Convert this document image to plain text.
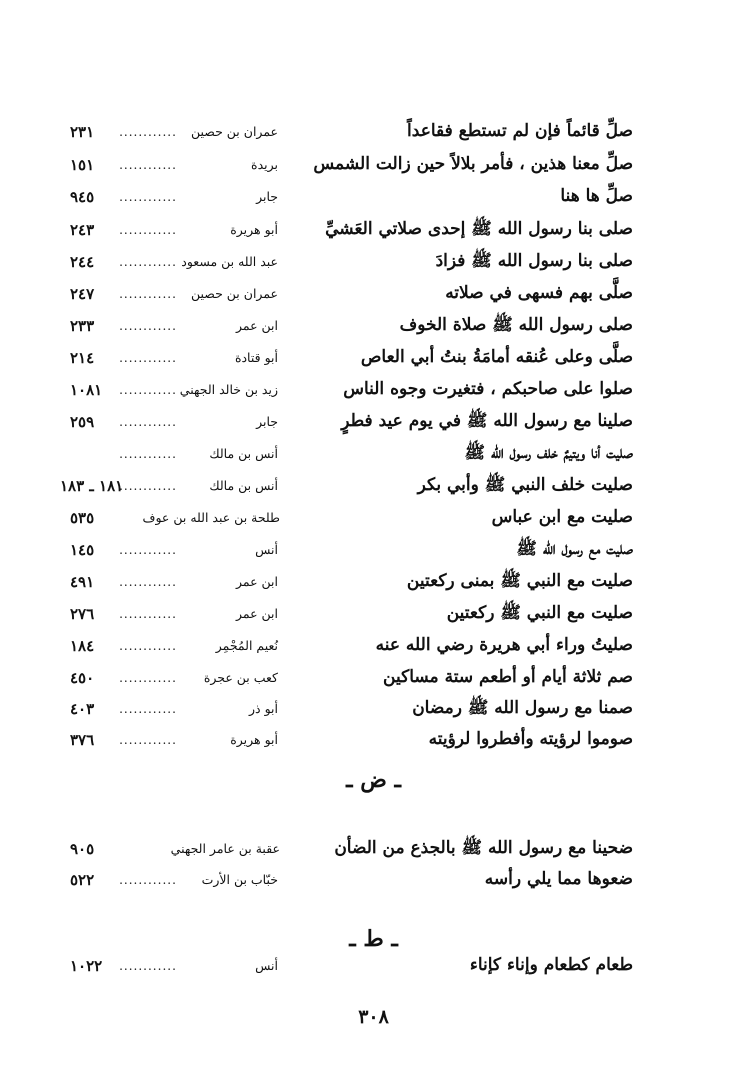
صلِّ قائماً فإن لم تستطع فقاعداً
عمران بن حصين
............
٢٣١
صلِّ معنا هذين ، فأمر بلالاً حين زالت الشمس
بريدة
............
١٥١
صلِّ ها هنا
جابر
............
٩٤٥
صلى بنا رسول الله ﷺ إحدى صلاتي العَشيِّ
أبو هريرة
............
٢٤٣
صلى بنا رسول الله ﷺ فزادَ
عبد الله بن مسعود
............
٢٤٤
صلَّى بهم فسهى في صلاته
عمران بن حصين
............
٢٤٧
صلى رسول الله ﷺ صلاة الخوف
ابن عمر
............
٢٣٣
صلَّى وعلى عُنقه أمامَةُ بنتُ أبي العاص
أبو قتادة
............
٢١٤
صلوا على صاحبكم ، فتغيرت وجوه الناس
زيد بن خالد الجهني
............
١٠٨١
صلينا مع رسول الله ﷺ في يوم عيد فطرٍ
جابر
............
٢٥٩
صليت أنا ويتيمٌ خلف رسول الله ﷺ
أنس بن مالك
............
صليت خلف النبي ﷺ وأبي بكر
أنس بن مالك
............
١٨١ ـ ١٨٣
صليت مع ابن عباس
طلحة بن عبد الله بن عوف
٥٣٥
صليت مع رسول الله ﷺ
أنس
............
١٤٥
صليت مع النبي ﷺ بمنى ركعتين
ابن عمر
............
٤٩١
صليت مع النبي ﷺ ركعتين
ابن عمر
............
٢٧٦
صليتُ وراء أبي هريرة رضي الله عنه
نُعيم المُجْمِر
............
١٨٤
صم ثلاثة أيام أو أطعم ستة مساكين
كعب بن عجرة
............
٤٥٠
صمنا مع رسول الله ﷺ رمضان
أبو ذر
............
٤٠٣
صوموا لرؤيته وأفطروا لرؤيته
أبو هريرة
............
٣٧٦
ـ ض ـ
ضحينا مع رسول الله ﷺ بالجذع من الضأن
عقبة بن عامر الجهني
٩٠٥
ضعوها مما يلي رأسه
خبّاب بن الأرت
............
٥٢٢
ـ ط ـ
طعام كطعام وإناء كإناء
أنس
............
١٠٢٢
٣٠٨
